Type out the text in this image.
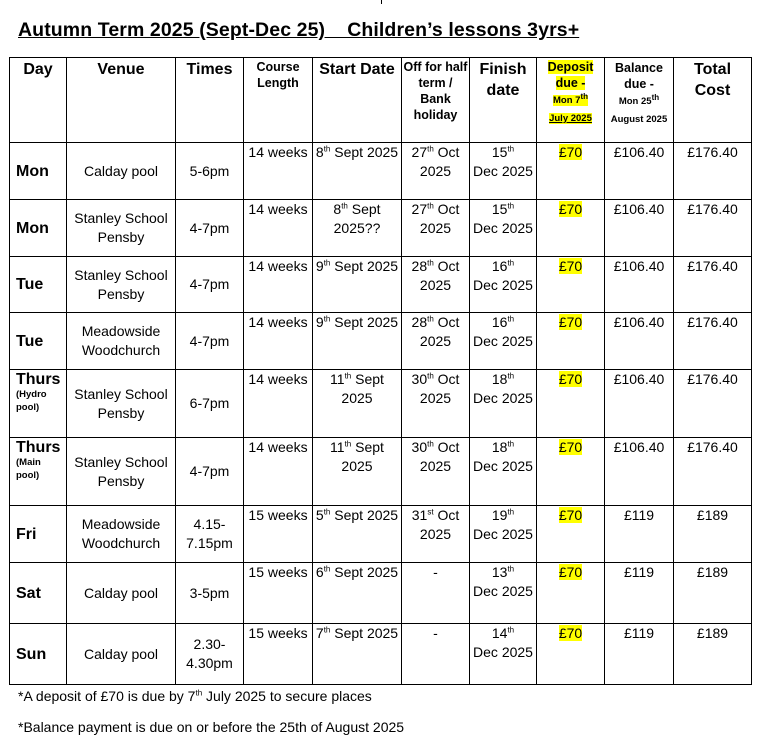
Autumn Term 2025 (Sept-Dec 25)    Children’s lessons 3yrs+
Day	Venue	Times	Course Length	Start Date	Off for half term / Bank holiday	Finish date	Deposit due -
Mon 7th
July 2025	Balance due -
Mon 25th
August 2025	Total Cost
Mon	Calday pool	5-6pm	14 weeks	8th Sept 2025	27th Oct 2025	15th
Dec 2025	£70	£106.40	£176.40
Mon	Stanley School Pensby	4-7pm	14 weeks	8th Sept 2025??	27th Oct 2025	15th
Dec 2025	£70	£106.40	£176.40
Tue	Stanley School Pensby	4-7pm	14 weeks	9th Sept 2025	28th Oct 2025	16th
Dec 2025	£70	£106.40	£176.40
Tue	Meadowside Woodchurch	4-7pm	14 weeks	9th Sept 2025	28th Oct 2025	16th
Dec 2025	£70	£106.40	£176.40
Thurs
(Hydro pool)	Stanley School Pensby	6-7pm	14 weeks	11th Sept 2025	30th Oct 2025	18th
Dec 2025	£70	£106.40	£176.40
Thurs
(Main pool)	Stanley School Pensby	4-7pm	14 weeks	11th Sept 2025	30th Oct 2025	18th
Dec 2025	£70	£106.40	£176.40
Fri	Meadowside Woodchurch	4.15-7.15pm	15 weeks	5th Sept 2025	31st Oct 2025	19th
Dec 2025	£70	£119	£189
Sat	Calday pool	3-5pm	15 weeks	6th Sept 2025	-	13th
Dec 2025	£70	£119	£189
Sun	Calday pool	2.30-4.30pm	15 weeks	7th Sept 2025	-	14th
Dec 2025	£70	£119	£189
*A deposit of £70 is due by 7th July 2025 to secure places
*Balance payment is due on or before the 25th of August 2025
